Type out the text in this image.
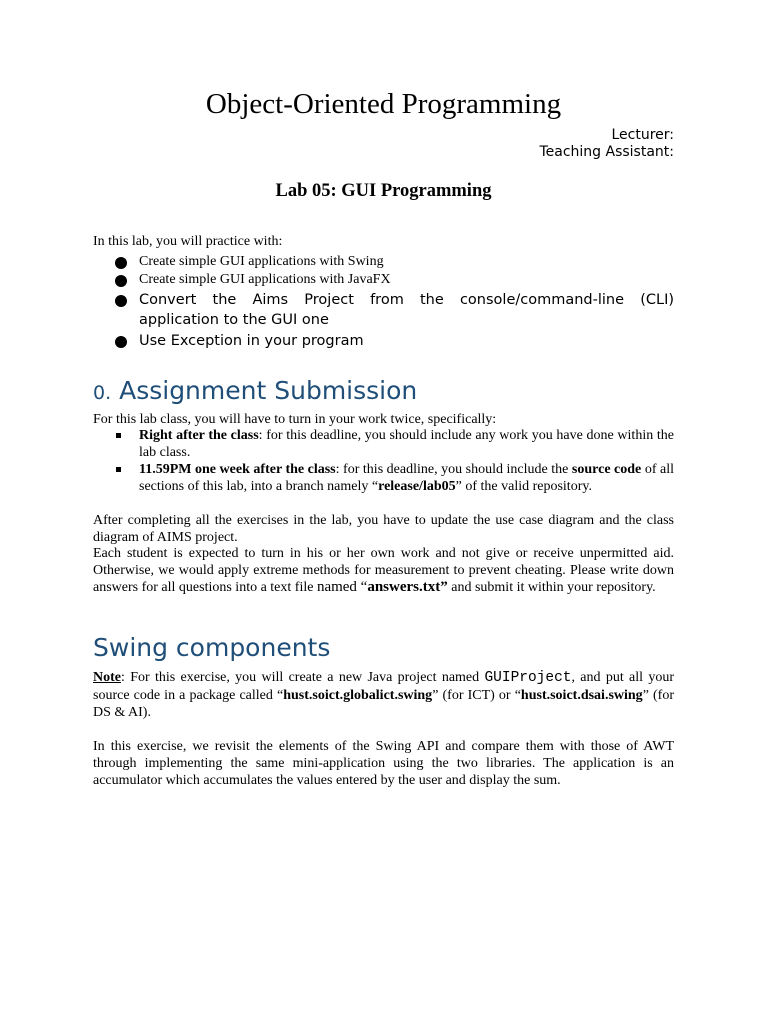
Object-Oriented Programming
Lecturer:
Teaching Assistant:
Lab 05: GUI Programming
In this lab, you will practice with:
Create simple GUI applications with Swing
Create simple GUI applications with JavaFX
Convert the Aims Project from the console/command-line (CLI) application to the GUI one
Use Exception in your program
0. Assignment Submission
For this lab class, you will have to turn in your work twice, specifically:
Right after the class: for this deadline, you should include any work you have done within the lab class.
11.59PM one week after the class: for this deadline, you should include the source code of all sections of this lab, into a branch namely “release/lab05” of the valid repository.
After completing all the exercises in the lab, you have to update the use case diagram and the class diagram of AIMS project.
Each student is expected to turn in his or her own work and not give or receive unpermitted aid. Otherwise, we would apply extreme methods for measurement to prevent cheating. Please write down answers for all questions into a text file named “answers.txt” and submit it within your repository.
Swing components
Note: For this exercise, you will create a new Java project named GUIProject, and put all your source code in a package called “hust.soict.globalict.swing” (for ICT) or “hust.soict.dsai.swing” (for DS & AI).
In this exercise, we revisit the elements of the Swing API and compare them with those of AWT through implementing the same mini-application using the two libraries. The application is an accumulator which accumulates the values entered by the user and display the sum.
